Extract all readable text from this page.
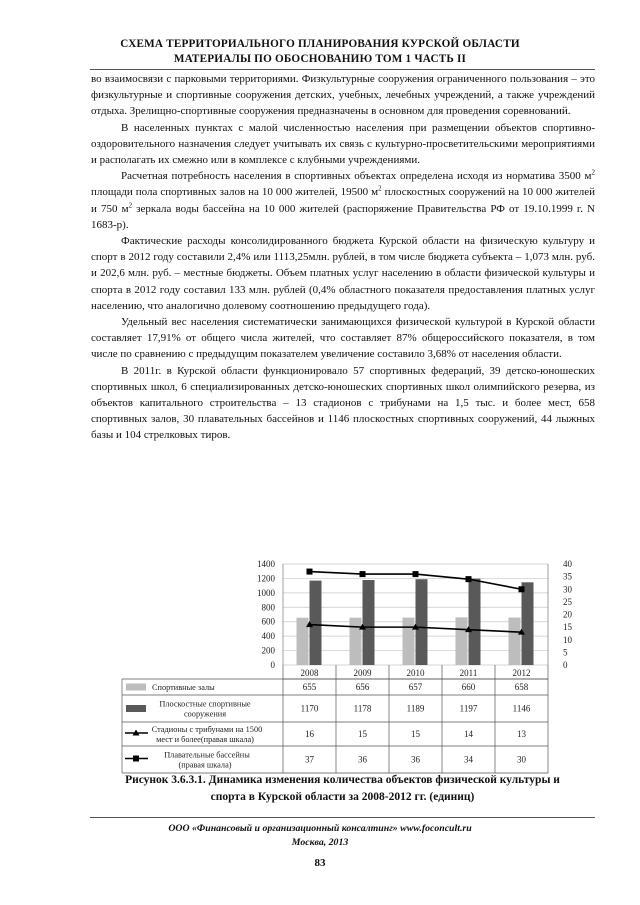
СХЕМА ТЕРРИТОРИАЛЬНОГО ПЛАНИРОВАНИЯ КУРСКОЙ ОБЛАСТИ
МАТЕРИАЛЫ ПО ОБОСНОВАНИЮ ТОМ 1 ЧАСТЬ II

во взаимосвязи с парковыми территориями. Физкультурные сооружения ограниченного пользования – это физкультурные и спортивные сооружения детских, учебных, лечебных учреждений, а также учреждений отдыха. Зрелищно-спортивные сооружения предназначены в основном для проведения соревнований.

В населенных пунктах с малой численностью населения при размещении объектов спортивно-оздоровительного назначения следует учитывать их связь с культурно-просветительскими мероприятиями и располагать их смежно или в комплексе с клубными учреждениями.

Расчетная потребность населения в спортивных объектах определена исходя из норматива 3500 $м^2$ площади пола спортивных залов на 10 000 жителей, 19500 $м^2$ плоскостных сооружений на 10 000 жителей и 750 $м^2$ зеркала воды бассейна на 10 000 жителей (распоряжение Правительства РФ от 19.10.1999 г. N 1683-р).

Фактические расходы консолидированного бюджета Курской области на физическую культуру и спорт в 2012 году составили 2,4% или 1113,25млн. рублей, в том числе бюджета субъекта – 1,073 млн. руб. и 202,6 млн. руб. – местные бюджеты. Объем платных услуг населению в области физической культуры и спорта в 2012 году составил 133 млн. рублей (0,4% областного показателя предоставления платных услуг населению, что аналогично долевому соотношению предыдущего года).

Удельный вес населения систематически занимающихся физической культурой в Курской области составляет 17,91% от общего числа жителей, что составляет 87% общероссийского показателя, в том числе по сравнению с предыдущим показателем увеличение составило 3,68% от населения области.

В 2011г. в Курской области функционировало 57 спортивных федераций, 39 детско-юношеских спортивных школ, 6 специализированных детско-юношеских спортивных школ олимпийского резерва, из объектов капитального строительства – 13 стадионов с трибунами на 1,5 тыс. и более мест, 658 спортивных залов, 30 плавательных бассейнов и 1146 плоскостных спортивных сооружений, 44 лыжных базы и 104 стрелковых тиров.

0
200
400
600
800
1000
1200
1400
0
5
10
15
20
25
30
35
40
2008	2009	2010	2011	2012
Спортивные залы	655	656	657	660	658
Плоскостные спортивные
сооружения
1170	1178	1189	1197	1146
Стадионы с трибунами на 1500
мест и более(правая шкала)
16	15	15	14	13
Плавательные бассейны
(правая шкала)
37	36	36	34	30
Рисунок 3.6.3.1. Динамика изменения количества объектов физической культуры и
спорта в Курской области за 2008-2012 гг. (единиц)
ООО «Финансовый и организационный консалтинг» www.foconcult.ru
Москва, 2013
83
